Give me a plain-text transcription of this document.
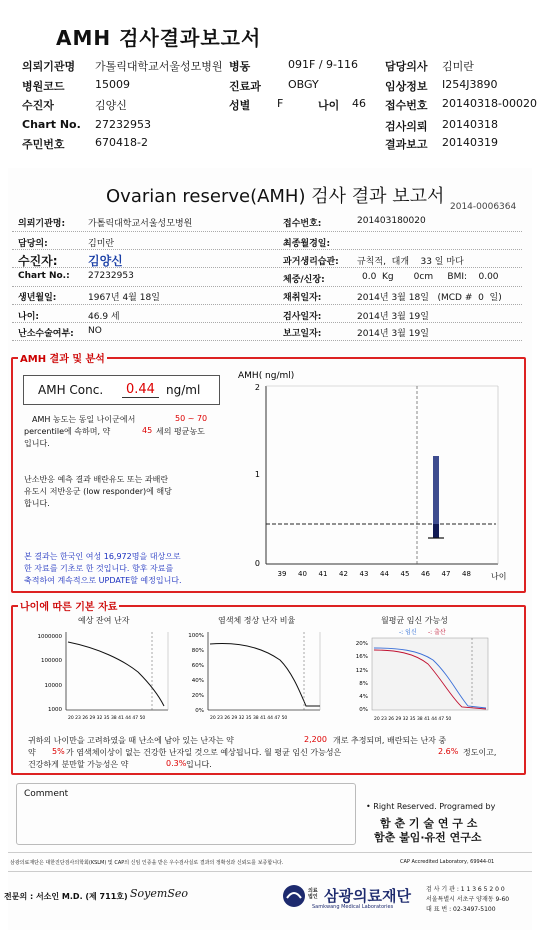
AMH 검사결과보고서
의뢰기관명 가톨릭대학교서울성모병원 병동	091F / 9-116 담당의사 김미란
병원코드	15009	진료과 OBGY	임상정보 I254J3890
수진자	김양신	성별 F	나이 46 접수번호 20140318-00020
Chart No. 27232953	검사의뢰 20140318
주민번호	670418-2	결과보고 20140319
Ovarian reserve(AMH) 검사 결과 보고서 2014-0006364
의뢰기관명:	가톨릭대학교서울성모병원
담당의:	김미란
수진자:	김양신
Chart No.: 27232953
생년월일:	1967년 4월 18일
나이:	46.9 세
난소수술여부: NO
접수번호:	201403180020
최종월경일:
과거생리습관: 규칙적,  대개    33 일 마다
체중/신장:	0.0  Kg       0cm     BMI:    0.00
채취일자:	2014년 3월 18일   (MCD #  0  일)
검사일자:	2014년 3월 19일
보고일자:	2014년 3월 19일
AMH 결과 및 분석
AMH Conc.	0.44 ng/ml
AMH 농도는 동일 나이군에서	50 ~ 70
percentile에 속하며, 약	45 세의 평균농도
입니다.
난소반응 예측 결과 배란유도 또는 과배란
유도시 저반응군 (low responder)에 해당
합니다.
본 결과는 한국인 여성 16,972명을 대상으로
한 자료를 기초로 한 것입니다. 향후 자료를
축적하여 계속적으로 UPDATE할 예정입니다.
AMH( ng/ml)
2
1
0
39 40 41 42 43 44 45 46 47 48	나이
나이에 따른 기본 자료
예상 잔여 난자	염색체 정상 난자 비율	월평균 임신 가능성
-: 임신 -: 출산
1000000
100000
10000
1000
20 23 26 29 32 35 38 41 44 47 50
100%
80%
60%
40%
20%
0%
20 23 26 29 32 35 38 41 44 47 50
20%
16%
12%
8%
4%
0%
20 23 26 29 32 35 38 41 44 47 50
귀하의 나이만을 고려하였을 때 난소에 남아 있는 난자는 약	2,200 개로 추정되며, 배란되는 난자 중
약 5% 가 염색체이상이 없는 건강한 난자일 것으로 예상됩니다. 월 평균 임신 가능성은	2.6% 정도이고,
건강하게 분만할 가능성은 약	0.3% 입니다.
Comment
• Right Reserved. Programed by
함 춘 기 술 연 구 소
함춘 불임·유전 연구소
삼광의료재단은 대한진단검사의학회(KSLM) 및 CAP의 신임 인증을 받은 우수검사실로 결과의 정확성과 신뢰도를 보증합니다.	CAP Accredited Laboratory, 69944-01
전문의 : 서소인 M.D. (제 711호) SoyemSeo	의료법인 삼광의료재단
Samkwang Medical Laboratories
검 사 기 관 : 1 1 3 6 5 2 0 0
서울특별시 서초구 양재동 9-60
대 표 번 : 02-3497-5100
